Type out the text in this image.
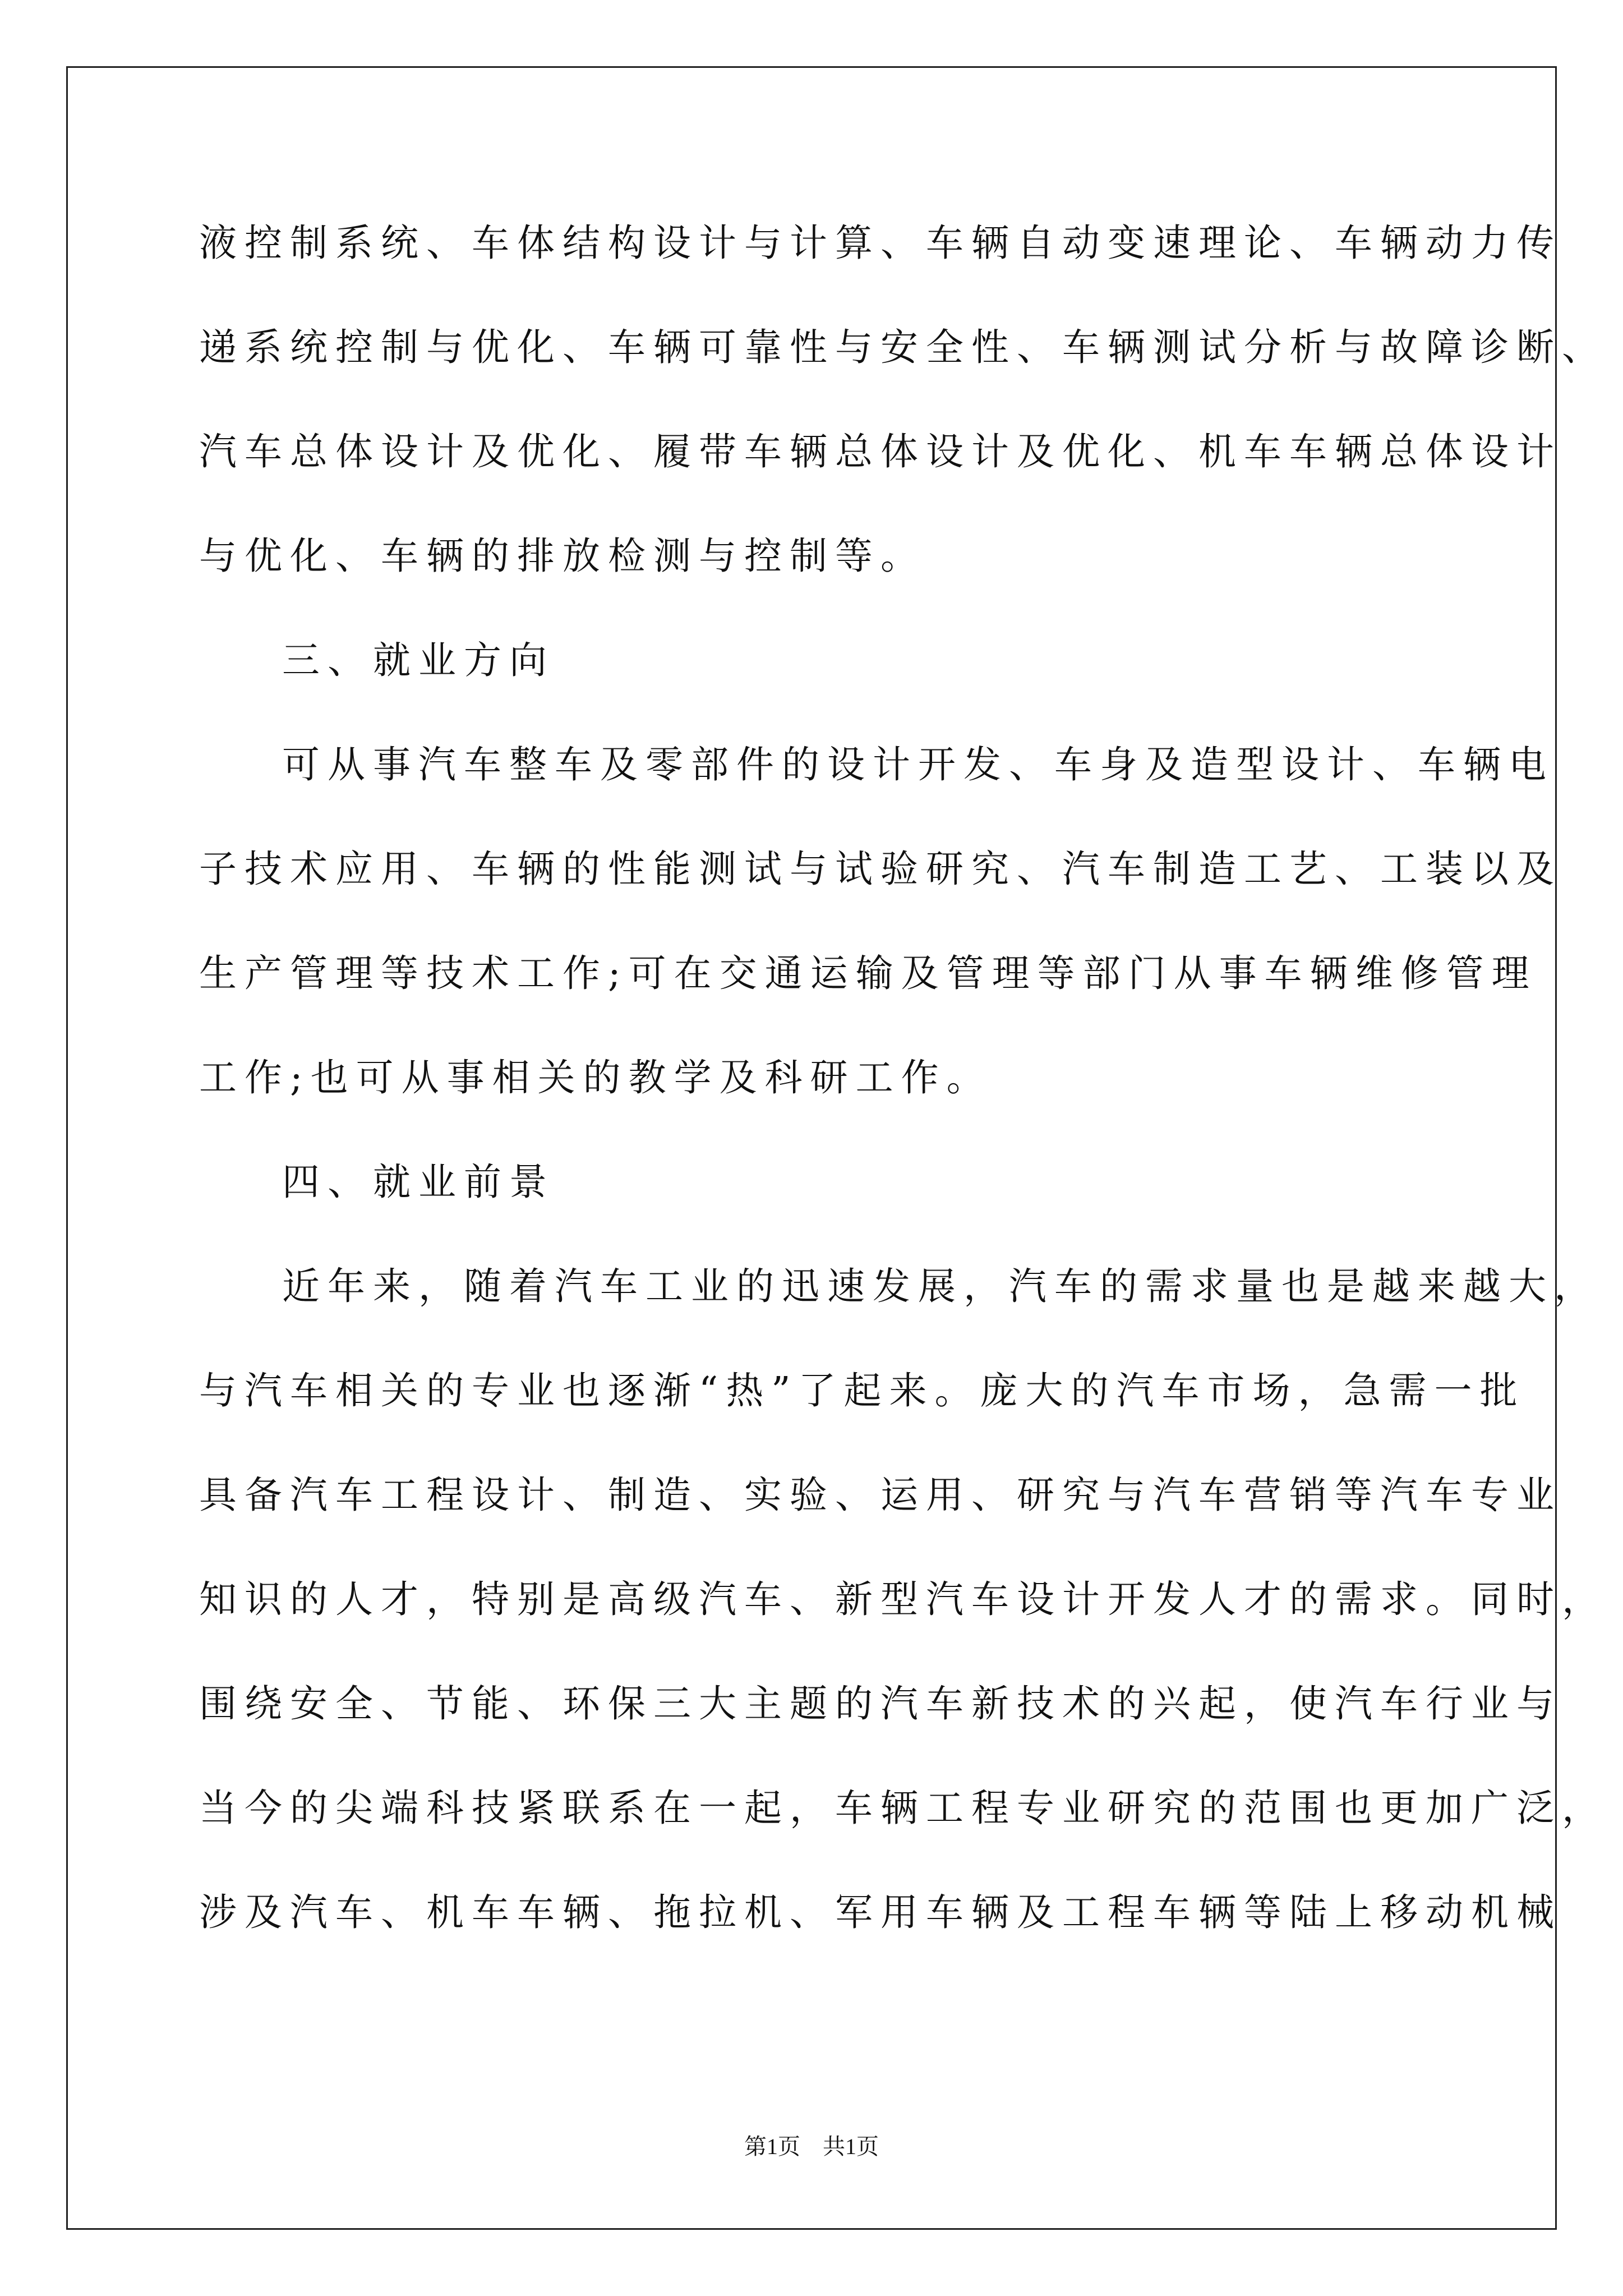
液控制系统、车体结构设计与计算、车辆自动变速理论、车辆动力传
递系统控制与优化、车辆可靠性与安全性、车辆测试分析与故障诊断、
汽车总体设计及优化、履带车辆总体设计及优化、机车车辆总体设计
与优化、车辆的排放检测与控制等。
三、就业方向
可从事汽车整车及零部件的设计开发、车身及造型设计、车辆电
子技术应用、车辆的性能测试与试验研究、汽车制造工艺、工装以及
生产管理等技术工作;可在交通运输及管理等部门从事车辆维修管理
工作;也可从事相关的教学及科研工作。
四、就业前景
近年来，随着汽车工业的迅速发展，汽车的需求量也是越来越大，
与汽车相关的专业也逐渐“热”了起来。庞大的汽车市场，急需一批
具备汽车工程设计、制造、实验、运用、研究与汽车营销等汽车专业
知识的人才，特别是高级汽车、新型汽车设计开发人才的需求。同时，
围绕安全、节能、环保三大主题的汽车新技术的兴起，使汽车行业与
当今的尖端科技紧联系在一起，车辆工程专业研究的范围也更加广泛，
涉及汽车、机车车辆、拖拉机、军用车辆及工程车辆等陆上移动机械
第1页　共1页
